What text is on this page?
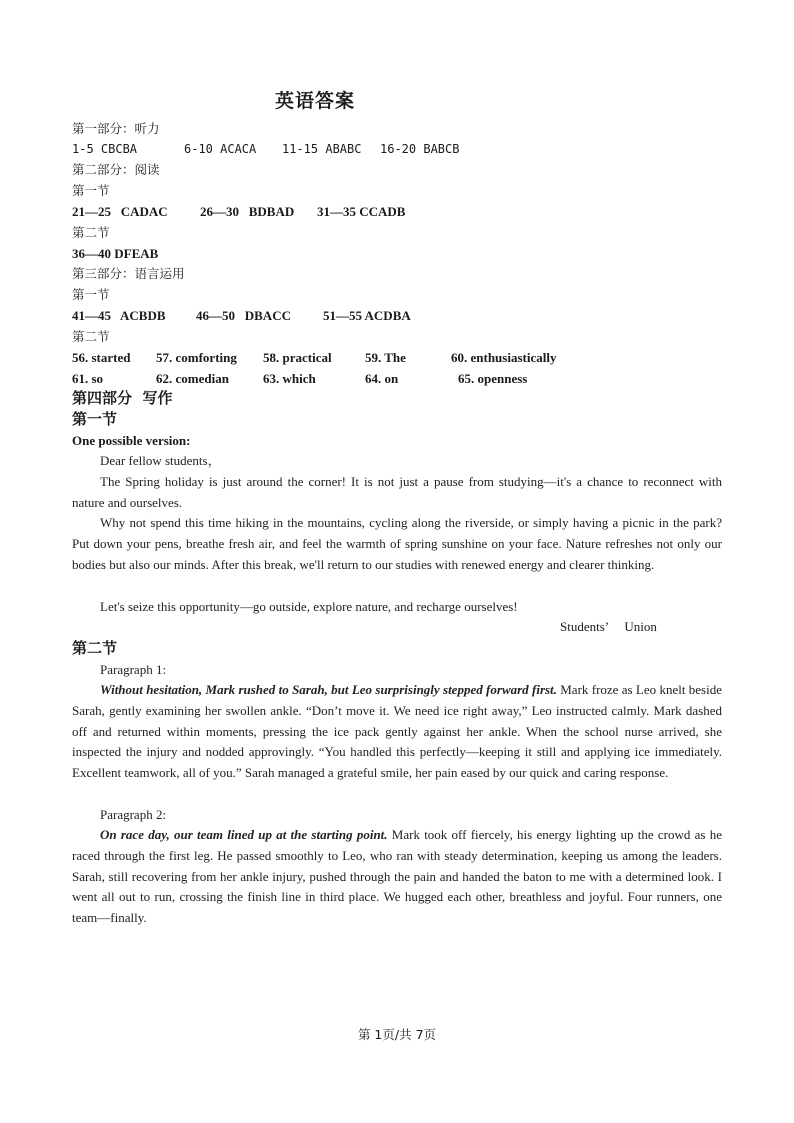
英语答案
第一部分：听力
1-5 CBCBA	6-10 ACACA 11-15 ABABC 16-20 BABCB
第二部分：阅读
第一节
21—25   CADAC 26—30   BDBAD 31—35 CCADB
第二节
36—40 DFEAB
第三部分：语言运用
第一节
41—45   ACBDB 46—50   DBACC 51—55 ACDBA
第二节
56. started 57. comforting 58. practical	59. The	60. enthusiastically
61. so	62. comedian	63. which	64. on	65. openness
第四部分  写作
第一节
One possible version:
Dear fellow students，
The Spring holiday is just around the corner! It is not just a pause from studying—it's a chance to reconnect with nature and ourselves.
Why not spend this time hiking in the mountains, cycling along the riverside, or simply having a picnic in the park? Put down your pens, breathe fresh air, and feel the warmth of spring sunshine on your face. Nature refreshes not only our bodies but also our minds. After this break, we'll return to our studies with renewed energy and clearer thinking.
Let's seize this opportunity—go outside, explore nature, and recharge ourselves!
Students’     Union
第二节
Paragraph 1:
Without hesitation, Mark rushed to Sarah, but Leo surprisingly stepped forward first. Mark froze as Leo knelt beside Sarah, gently examining her swollen ankle. “Don’t move it. We need ice right away,” Leo instructed calmly. Mark dashed off and returned within moments, pressing the ice pack gently against her ankle. When the school nurse arrived, she inspected the injury and nodded approvingly. “You handled this perfectly—keeping it still and applying ice immediately. Excellent teamwork, all of you.” Sarah managed a grateful smile, her pain eased by our quick and caring response.
Paragraph 2:
On race day, our team lined up at the starting point. Mark took off fiercely, his energy lighting up the crowd as he raced through the first leg. He passed smoothly to Leo, who ran with steady determination, keeping us among the leaders. Sarah, still recovering from her ankle injury, pushed through the pain and handed the baton to me with a determined look. I went all out to run, crossing the finish line in third place. We hugged each other, breathless and joyful. Four runners, one team—finally.
第 1页/共 7页
